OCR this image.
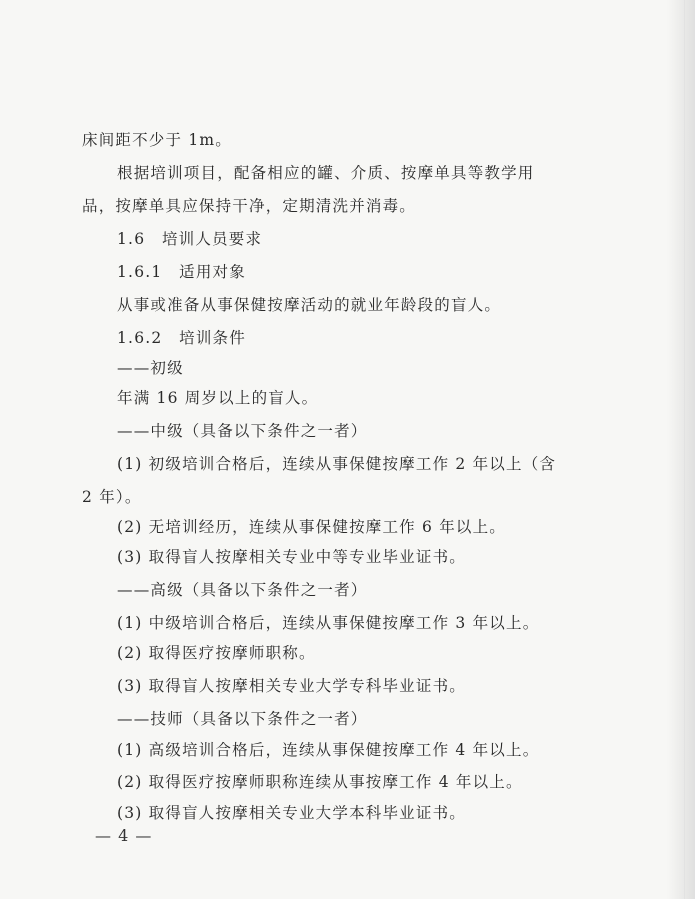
床间距不少于 1m。
根据培训项目，配备相应的罐、介质、按摩单具等教学用
品，按摩单具应保持干净，定期清洗并消毒。
1.6　培训人员要求
1.6.1　适用对象
从事或准备从事保健按摩活动的就业年龄段的盲人。
1.6.2　培训条件
——初级
年满 16 周岁以上的盲人。
——中级（具备以下条件之一者）
(1) 初级培训合格后，连续从事保健按摩工作 2 年以上（含
2 年）。
(2) 无培训经历，连续从事保健按摩工作 6 年以上。
(3) 取得盲人按摩相关专业中等专业毕业证书。
——高级（具备以下条件之一者）
(1) 中级培训合格后，连续从事保健按摩工作 3 年以上。
(2) 取得医疗按摩师职称。
(3) 取得盲人按摩相关专业大学专科毕业证书。
——技师（具备以下条件之一者）
(1) 高级培训合格后，连续从事保健按摩工作 4 年以上。
(2) 取得医疗按摩师职称连续从事按摩工作 4 年以上。
(3) 取得盲人按摩相关专业大学本科毕业证书。
— 4 —
